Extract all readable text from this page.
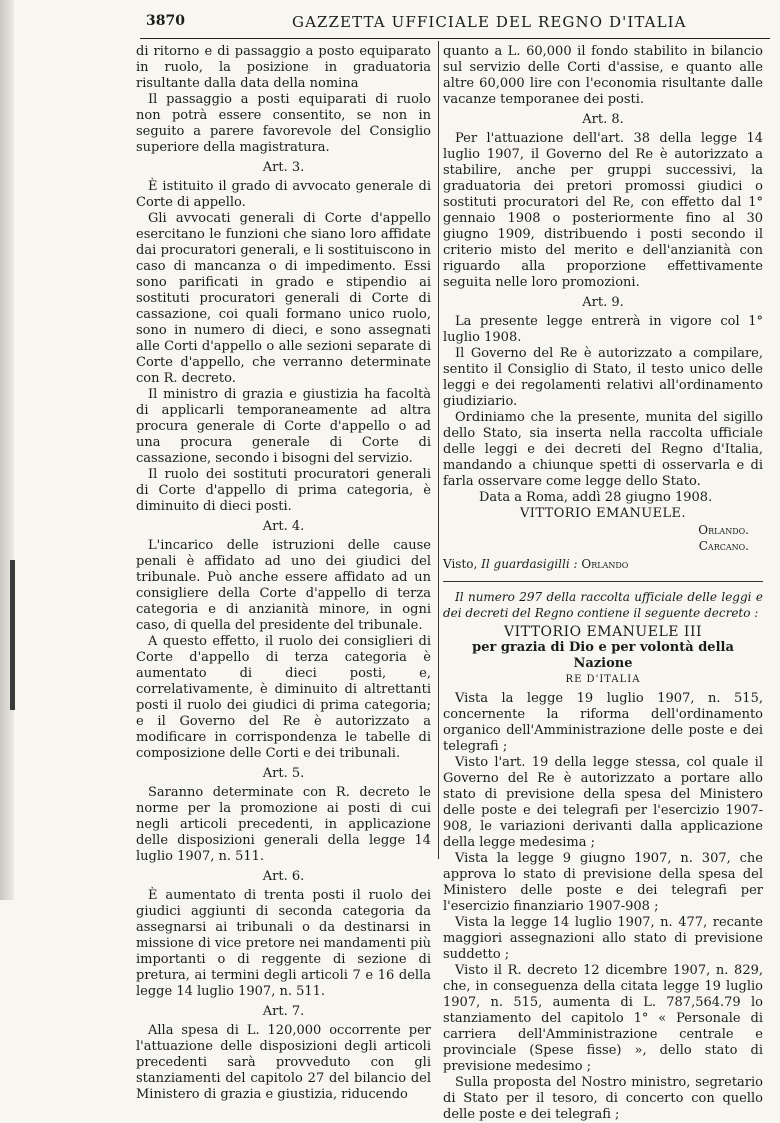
3870	GAZZETTA UFFICIALE DEL REGNO D'ITALIA

di ritorno e di passaggio a posto equiparato in ruolo, la posizione in graduatoria risultante dalla data della nomina

Il passaggio a posti equiparati di ruolo non potrà essere consentito, se non in seguito a parere favorevole del Consiglio superiore della magistratura.

Art. 3.

È istituito il grado di avvocato generale di Corte di appello.

Gli avvocati generali di Corte d'appello esercitano le funzioni che siano loro affidate dai procuratori generali, e li sostituiscono in caso di mancanza o di impedimento. Essi sono parificati in grado e stipendio ai sostituti procuratori generali di Corte di cassazione, coi quali formano unico ruolo, sono in numero di dieci, e sono assegnati alle Corti d'appello o alle sezioni separate di Corte d'appello, che verranno determinate con R. decreto.

Il ministro di grazia e giustizia ha facoltà di applicarli temporaneamente ad altra procura generale di Corte d'appello o ad una procura generale di Corte di cassazione, secondo i bisogni del servizio.

Il ruolo dei sostituti procuratori generali di Corte d'appello di prima categoria, è diminuito di dieci posti.

Art. 4.

L'incarico delle istruzioni delle cause penali è affidato ad uno dei giudici del tribunale. Può anche essere affidato ad un consigliere della Corte d'appello di terza categoria e di anzianità minore, in ogni caso, di quella del presidente del tribunale.

A questo effetto, il ruolo dei consiglieri di Corte d'appello di terza categoria è aumentato di dieci posti, e, correlativamente, è diminuito di altrettanti posti il ruolo dei giudici di prima categoria; e il Governo del Re è autorizzato a modificare in corrispondenza le tabelle di composizione delle Corti e dei tribunali.

Art. 5.

Saranno determinate con R. decreto le norme per la promozione ai posti di cui negli articoli precedenti, in applicazione delle disposizioni generali della legge 14 luglio 1907, n. 511.

Art. 6.

È aumentato di trenta posti il ruolo dei giudici aggiunti di seconda categoria da assegnarsi ai tribunali o da destinarsi in missione di vice pretore nei mandamenti più importanti o di reggente di sezione di pretura, ai termini degli articoli 7 e 16 della legge 14 luglio 1907, n. 511.

Art. 7.

Alla spesa di L. 120,000 occorrente per l'attuazione delle disposizioni degli articoli precedenti sarà provveduto con gli stanziamenti del capitolo 27 del bilancio del Ministero di grazia e giustizia, riducendo

quanto a L. 60,000 il fondo stabilito in bilancio sul servizio delle Corti d'assise, e quanto alle altre 60,000 lire con l'economia risultante dalle vacanze temporanee dei posti.

Art. 8.

Per l'attuazione dell'art. 38 della legge 14 luglio 1907, il Governo del Re è autorizzato a stabilire, anche per gruppi successivi, la graduatoria dei pretori promossi giudici o sostituti procuratori del Re, con effetto dal 1° gennaio 1908 o posteriormente fino al 30 giugno 1909, distribuendo i posti secondo il criterio misto del merito e dell'anzianità con riguardo alla proporzione effettivamente seguita nelle loro promozioni.

Art. 9.

La presente legge entrerà in vigore col 1° luglio 1908.

Il Governo del Re è autorizzato a compilare, sentito il Consiglio di Stato, il testo unico delle leggi e dei regolamenti relativi all'ordinamento giudiziario.

Ordiniamo che la presente, munita del sigillo dello Stato, sia inserta nella raccolta ufficiale delle leggi e dei decreti del Regno d'Italia, mandando a chiunque spetti di osservarla e di farla osservare come legge dello Stato.

Data a Roma, addì 28 giugno 1908.

VITTORIO EMANUELE.

Orlando.

Carcano.

Visto, Il guardasigilli : Orlando

Il numero 297 della raccolta ufficiale delle leggi e dei decreti del Regno contiene il seguente decreto :

VITTORIO EMANUELE III

per grazia di Dio e per volontà della Nazione

RE D'ITALIA

Vista la legge 19 luglio 1907, n. 515, concernente la riforma dell'ordinamento organico dell'Amministrazione delle poste e dei telegrafi ;

Visto l'art. 19 della legge stessa, col quale il Governo del Re è autorizzato a portare allo stato di previsione della spesa del Ministero delle poste e dei telegrafi per l'esercizio 1907-908, le variazioni derivanti dalla applicazione della legge medesima ;

Vista la legge 9 giugno 1907, n. 307, che approva lo stato di previsione della spesa del Ministero delle poste e dei telegrafi per l'esercizio finanziario 1907-908 ;

Vista la legge 14 luglio 1907, n. 477, recante maggiori assegnazioni allo stato di previsione suddetto ;

Visto il R. decreto 12 dicembre 1907, n. 829, che, in conseguenza della citata legge 19 luglio 1907, n. 515, aumenta di L. 787,564.79 lo stanziamento del capitolo 1° « Personale di carriera dell'Amministrazione centrale e provinciale (Spese fisse) », dello stato di previsione medesimo ;

Sulla proposta del Nostro ministro, segretario di Stato per il tesoro, di concerto con quello delle poste e dei telegrafi ;
